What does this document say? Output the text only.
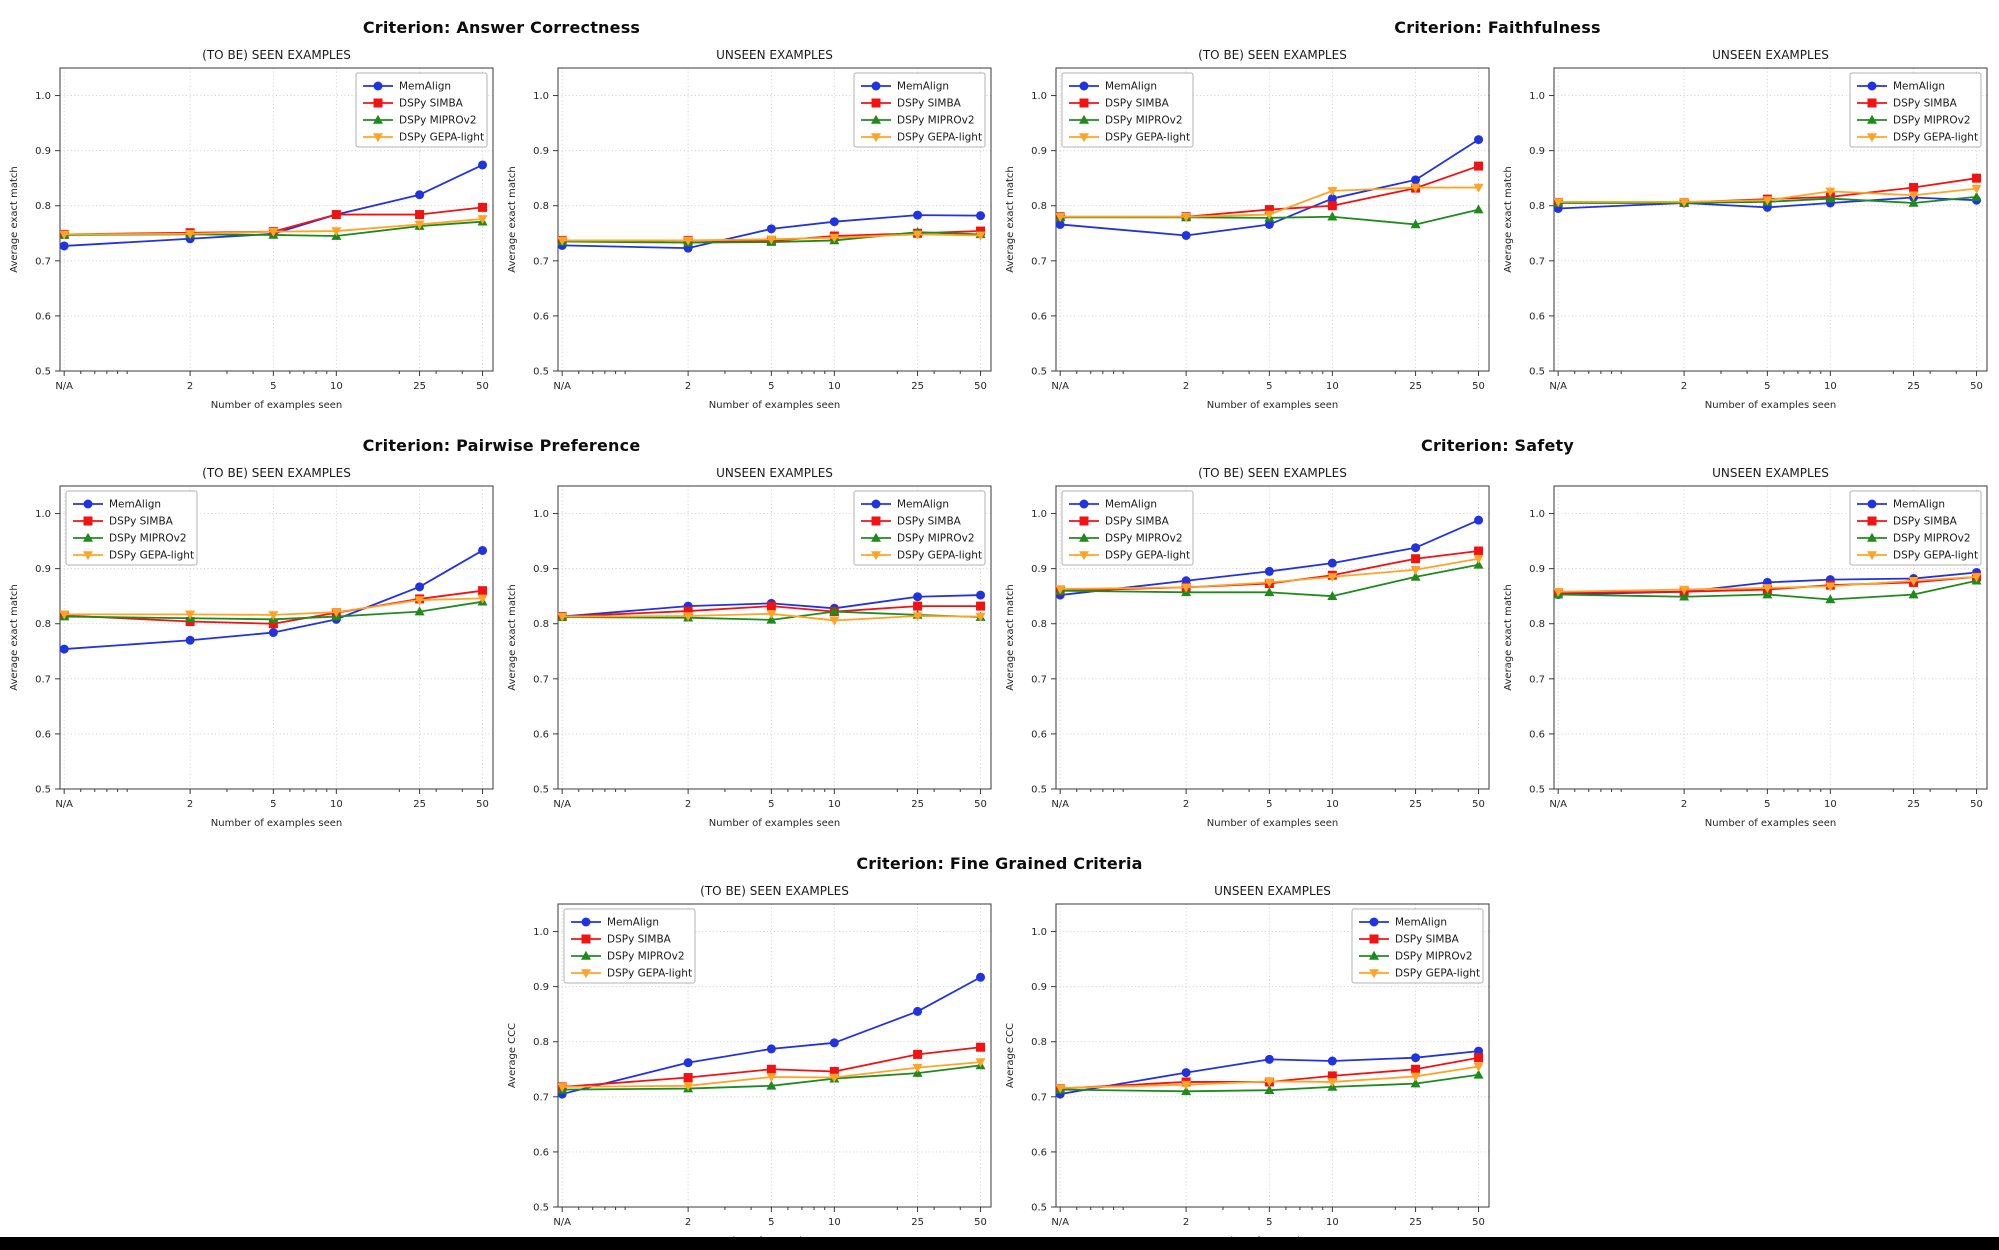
Criterion: Answer Correctness
N/A	2	5	10	25	50
0.5
0.6
0.7
0.8
0.9
1.0
(TO BE) SEEN EXAMPLES
Number of examples seen
Average exact match
MemAlign
DSPy SIMBA
DSPy MIPROv2
DSPy GEPA-light
N/A	2	5	10	25	50
0.5
0.6
0.7
0.8
0.9
1.0
UNSEEN EXAMPLES
Number of examples seen
Average exact match
MemAlign
DSPy SIMBA
DSPy MIPROv2
DSPy GEPA-light
Criterion: Faithfulness
N/A	2	5	10	25	50
0.5
0.6
0.7
0.8
0.9
1.0
(TO BE) SEEN EXAMPLES
Number of examples seen
Average exact match
MemAlign
DSPy SIMBA
DSPy MIPROv2
DSPy GEPA-light
N/A	2	5	10	25	50
0.5
0.6
0.7
0.8
0.9
1.0
UNSEEN EXAMPLES
Number of examples seen
Average exact match
MemAlign
DSPy SIMBA
DSPy MIPROv2
DSPy GEPA-light
Criterion: Pairwise Preference
N/A	2	5	10	25	50
0.5
0.6
0.7
0.8
0.9
1.0
(TO BE) SEEN EXAMPLES
Number of examples seen
Average exact match
MemAlign
DSPy SIMBA
DSPy MIPROv2
DSPy GEPA-light
N/A	2	5	10	25	50
0.5
0.6
0.7
0.8
0.9
1.0
UNSEEN EXAMPLES
Number of examples seen
Average exact match
MemAlign
DSPy SIMBA
DSPy MIPROv2
DSPy GEPA-light
Criterion: Safety
N/A	2	5	10	25	50
0.5
0.6
0.7
0.8
0.9
1.0
(TO BE) SEEN EXAMPLES
Number of examples seen
Average exact match
MemAlign
DSPy SIMBA
DSPy MIPROv2
DSPy GEPA-light
N/A	2	5	10	25	50
0.5
0.6
0.7
0.8
0.9
1.0
UNSEEN EXAMPLES
Number of examples seen
Average exact match
MemAlign
DSPy SIMBA
DSPy MIPROv2
DSPy GEPA-light
Criterion: Fine Grained Criteria
N/A	2	5	10	25	50
0.5
0.6
0.7
0.8
0.9
1.0
(TO BE) SEEN EXAMPLES
Average CCC
MemAlign
DSPy SIMBA
DSPy MIPROv2
DSPy GEPA-light
N/A	2	5	10	25	50
0.5
0.6
0.7
0.8
0.9
1.0
UNSEEN EXAMPLES
Average CCC
MemAlign
DSPy SIMBA
DSPy MIPROv2
DSPy GEPA-light
